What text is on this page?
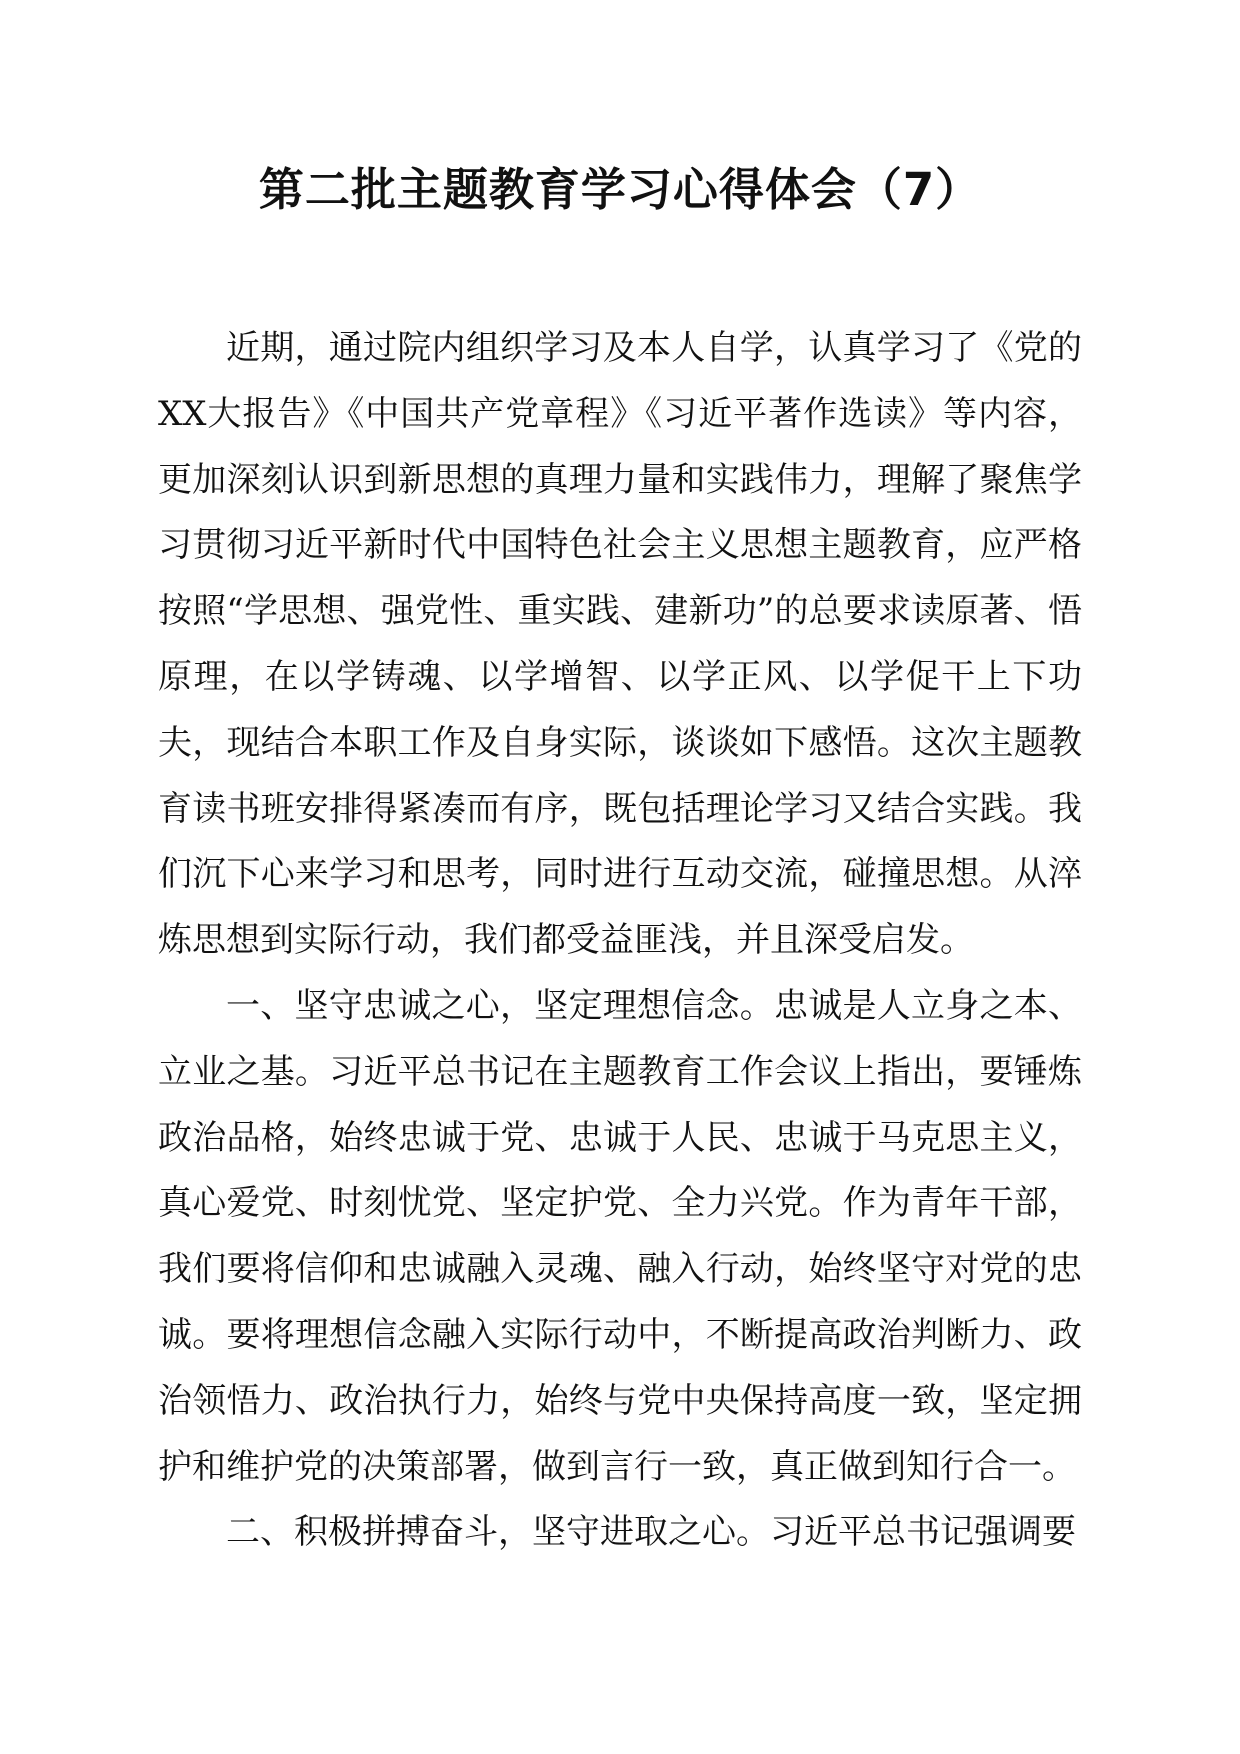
第二批主题教育学习心得体会（7）

近期，通过院内组织学习及本人自学，认真学习了《党的XX大报告》《中国共产党章程》《习近平著作选读》等内容，更加深刻认识到新思想的真理力量和实践伟力，理解了聚焦学习贯彻习近平新时代中国特色社会主义思想主题教育，应严格按照“学思想、强党性、重实践、建新功”的总要求读原著、悟原理，在以学铸魂、以学增智、以学正风、以学促干上下功夫，现结合本职工作及自身实际，谈谈如下感悟。这次主题教育读书班安排得紧凑而有序，既包括理论学习又结合实践。我们沉下心来学习和思考，同时进行互动交流，碰撞思想。从淬炼思想到实际行动，我们都受益匪浅，并且深受启发。

一、坚守忠诚之心，坚定理想信念。忠诚是人立身之本、立业之基。习近平总书记在主题教育工作会议上指出，要锤炼政治品格，始终忠诚于党、忠诚于人民、忠诚于马克思主义，真心爱党、时刻忧党、坚定护党、全力兴党。作为青年干部，我们要将信仰和忠诚融入灵魂、融入行动，始终坚守对党的忠诚。要将理想信念融入实际行动中，不断提高政治判断力、政治领悟力、政治执行力，始终与党中央保持高度一致，坚定拥护和维护党的决策部署，做到言行一致，真正做到知行合一。

二、积极拼搏奋斗，坚守进取之心。习近平总书记强调要
